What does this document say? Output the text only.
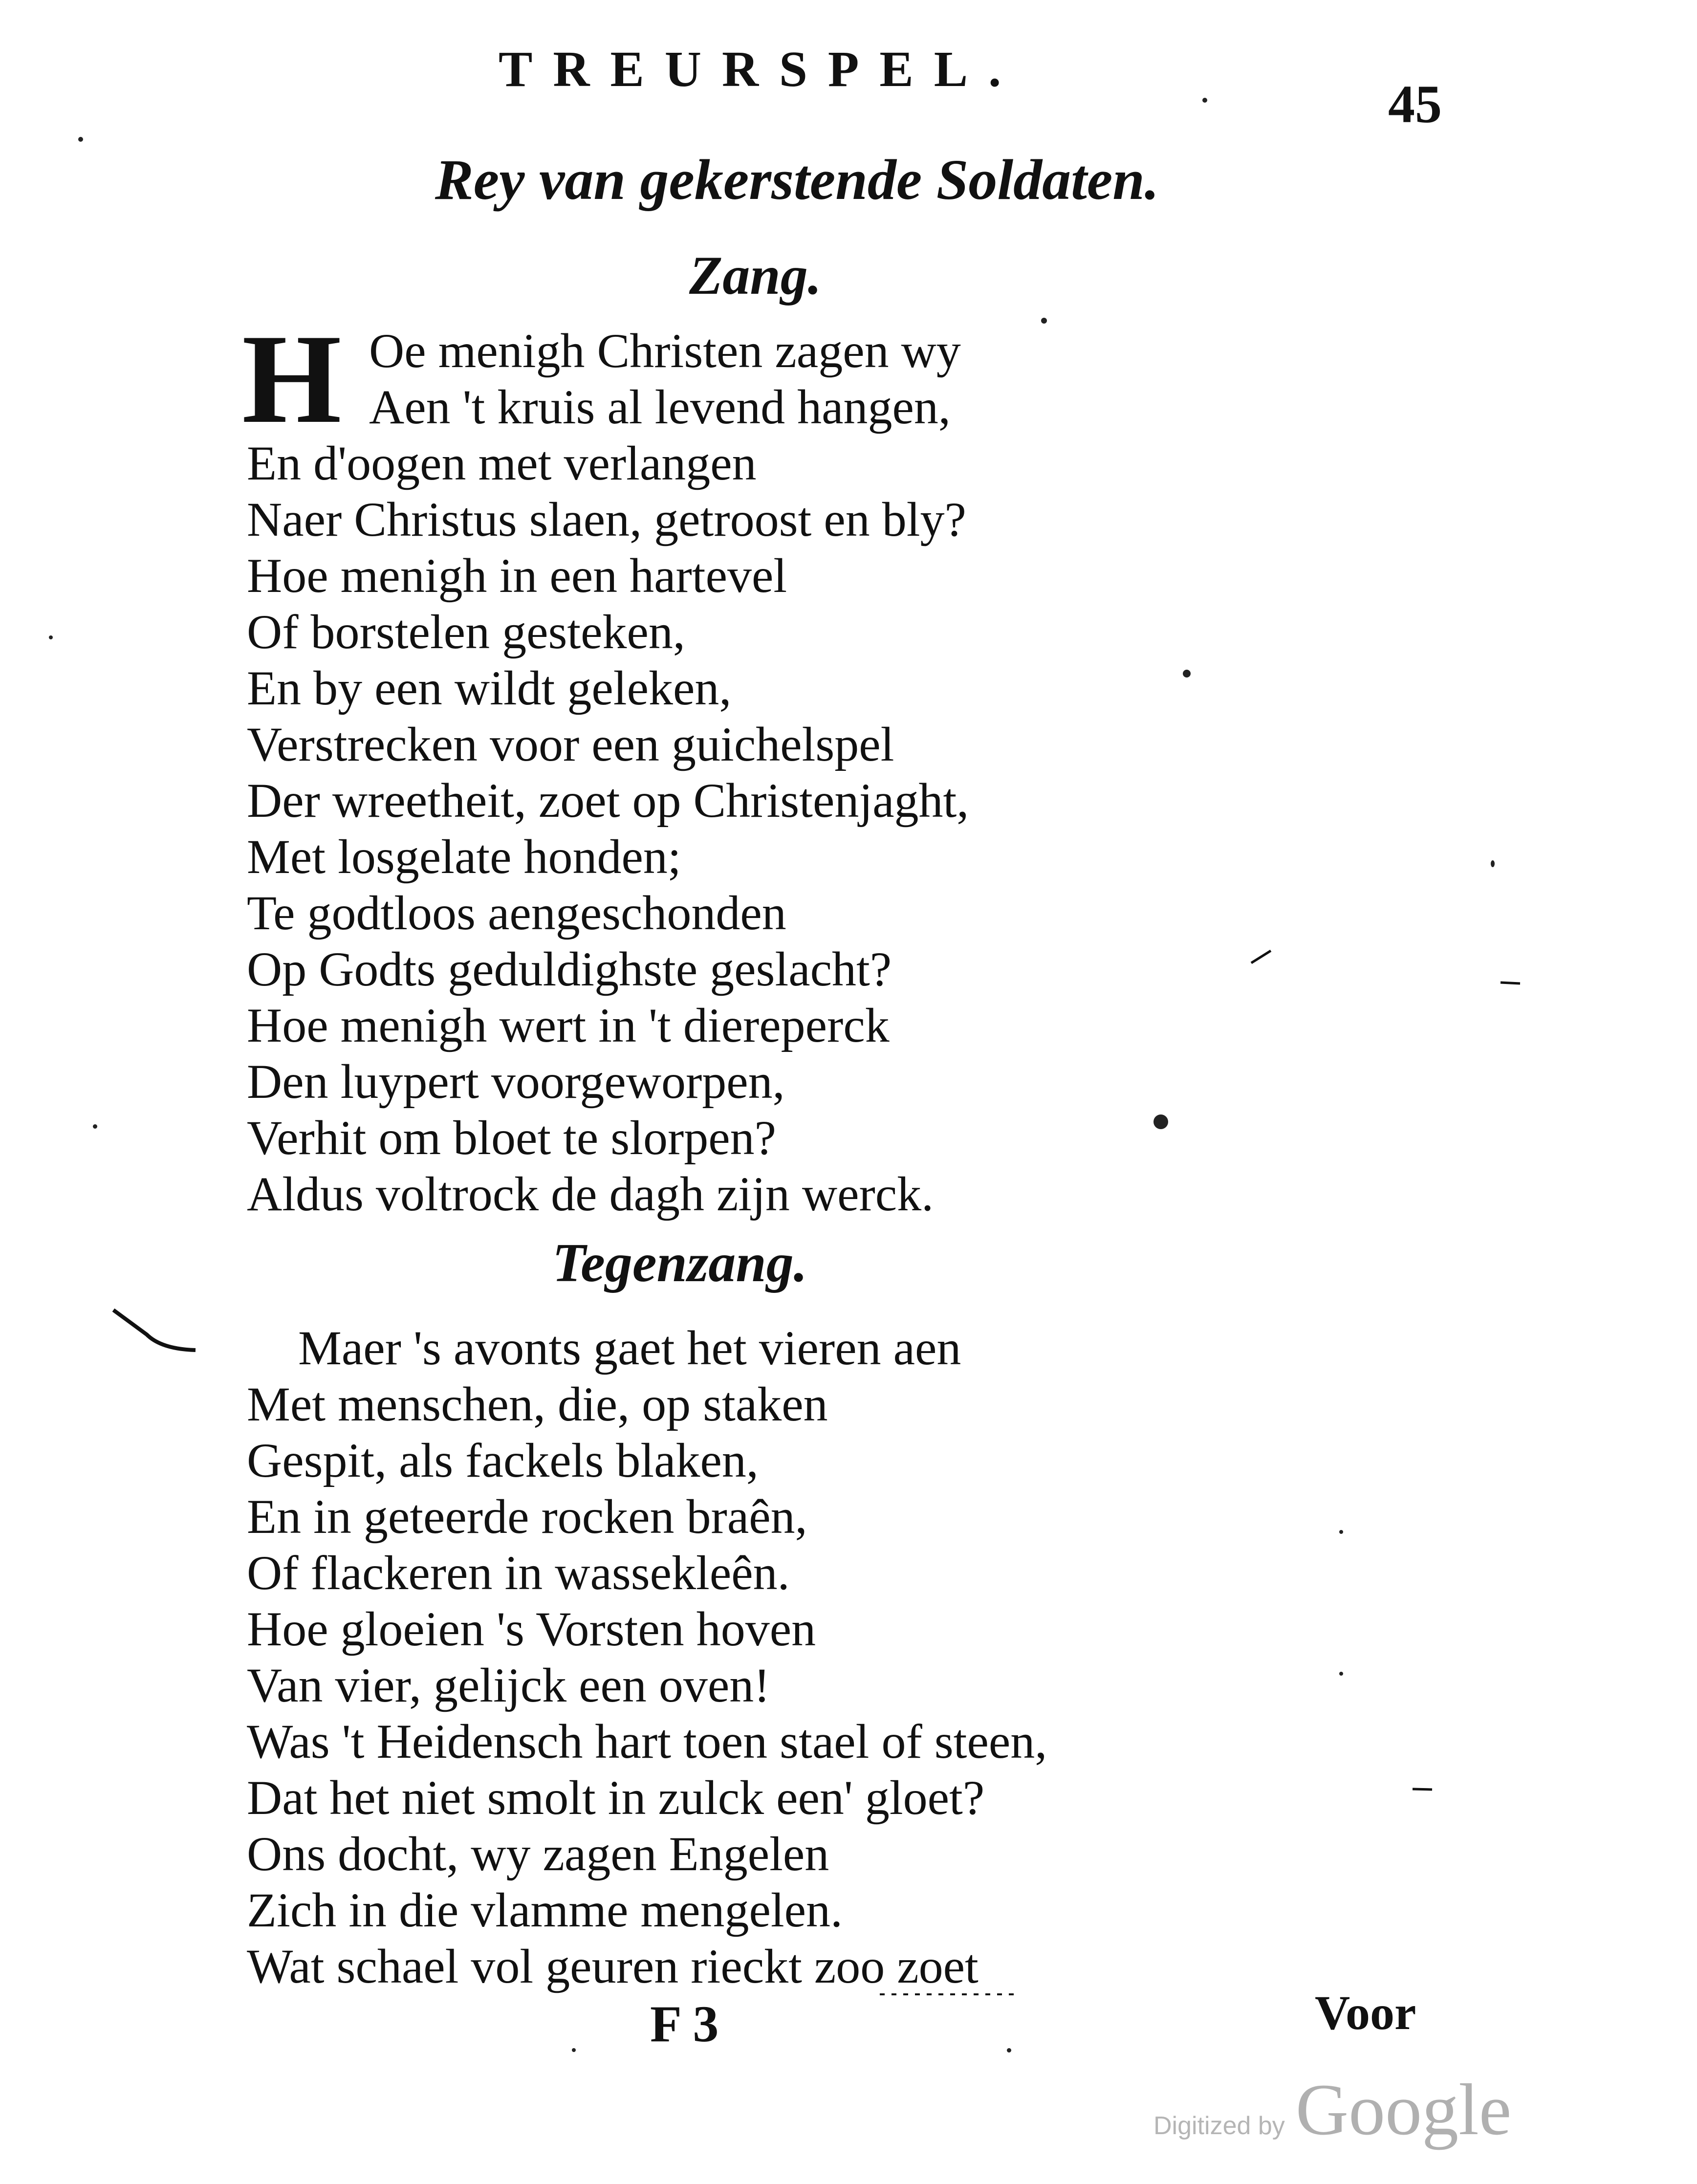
TREURSPEL.
45
Rey van gekerstende Soldaten.
Zang.
H Oe menigh Christen zagen wy
Aen 't kruis al levend hangen,
En d'oogen met verlangen
Naer Christus slaen, getroost en bly?
Hoe menigh in een hartevel
Of borstelen gesteken,
En by een wildt geleken,
Verstrecken voor een guichelspel
Der wreetheit, zoet op Christenjaght,
Met losgelate honden;
Te godtloos aengeschonden
Op Godts geduldighste geslacht?
Hoe menigh wert in 't diereperck
Den luypert voorgeworpen,
Verhit om bloet te slorpen?
Aldus voltrock de dagh zijn werck.
Tegenzang.
Maer 's avonts gaet het vieren aen
Met menschen, die, op staken
Gespit, als fackels blaken,
En in geteerde rocken braên,
Of flackeren in wassekleên.
Hoe gloeien 's Vorsten hoven
Van vier, gelijck een oven!
Was 't Heidensch hart toen stael of steen,
Dat het niet smolt in zulck een' gloet?
Ons docht, wy zagen Engelen
Zich in die vlamme mengelen.
Wat schael vol geuren rieckt zoo zoet
F 3	Voor
Digitized by Google
